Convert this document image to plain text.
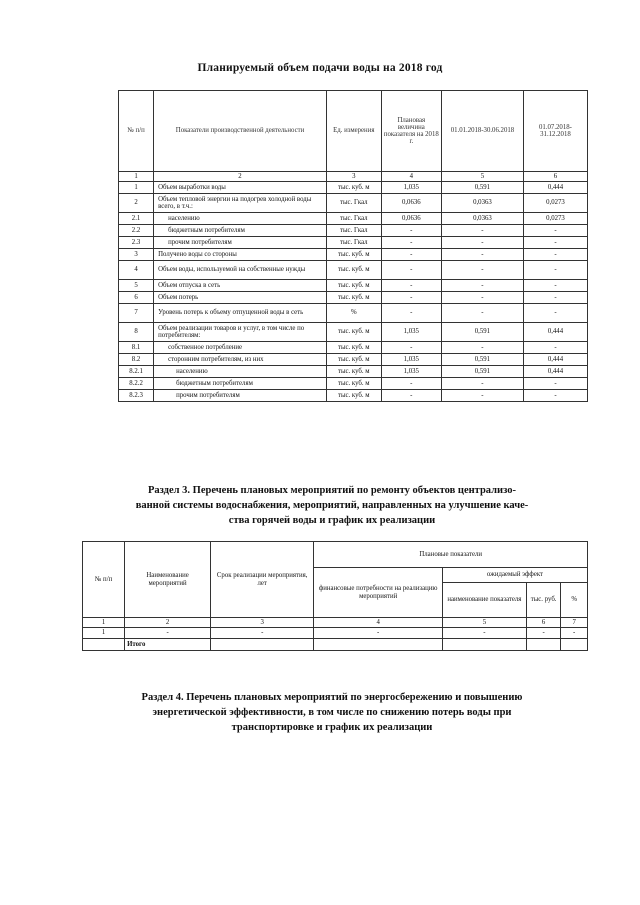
Планируемый объем подачи воды на 2018 год
№ п/п	Показатели производственной деятельности	Ед. измерения	Плановая величина показателя на 2018 г.	01.01.2018-30.06.2018	01.07.2018-31.12.2018
1	2	3	4	5	6
1	Объем выработки воды	тыс. куб. м	1,035	0,591	0,444
2	Объем тепловой энергии на подогрев холодной воды всего, в т.ч.:	тыс. Гкал	0,0636	0,0363	0,0273
2.1	населению	тыс. Гкал	0,0636	0,0363	0,0273
2.2	бюджетным потребителям	тыс. Гкал	-	-	-
2.3	прочим потребителям	тыс. Гкал	-	-	-
3	Получено воды со стороны	тыс. куб. м	-	-	-
4	Объем воды, используемой на собственные нужды	тыс. куб. м	-	-	-
5	Объем отпуска в сеть	тыс. куб. м	-	-	-
6	Объем потерь	тыс. куб. м	-	-	-
7	Уровень потерь к объему отпущенной воды в сеть	%	-	-	-
8	Объем реализации товаров и услуг, в том числе по потребителям:	тыс. куб. м	1,035	0,591	0,444
8.1	собственное потребление	тыс. куб. м	-	-	-
8.2	сторонним потребителям, из них	тыс. куб. м	1,035	0,591	0,444
8.2.1	населению	тыс. куб. м	1,035	0,591	0,444
8.2.2	бюджетным потребителям	тыс. куб. м	-	-	-
8.2.3	прочим потребителям	тыс. куб. м	-	-	-
Раздел 3. Перечень плановых мероприятий по ремонту объектов централизо-
ванной системы водоснабжения, мероприятий, направленных на улучшение каче-
ства горячей воды и график их реализации
№ п/п	Наименование мероприятий	Срок реализации мероприятия, лет	Плановые показатели			
			финансовые потребности на реализацию мероприятий	ожидаемый эффект		
				наименование показателя	тыс. руб.	%
1	2	3	4	5	6	7
1	-	-	-	-	-	-
	Итого					
Раздел 4. Перечень плановых мероприятий по энергосбережению и повышению
энергетической эффективности, в том числе по снижению потерь воды при
транспортировке и график их реализации
